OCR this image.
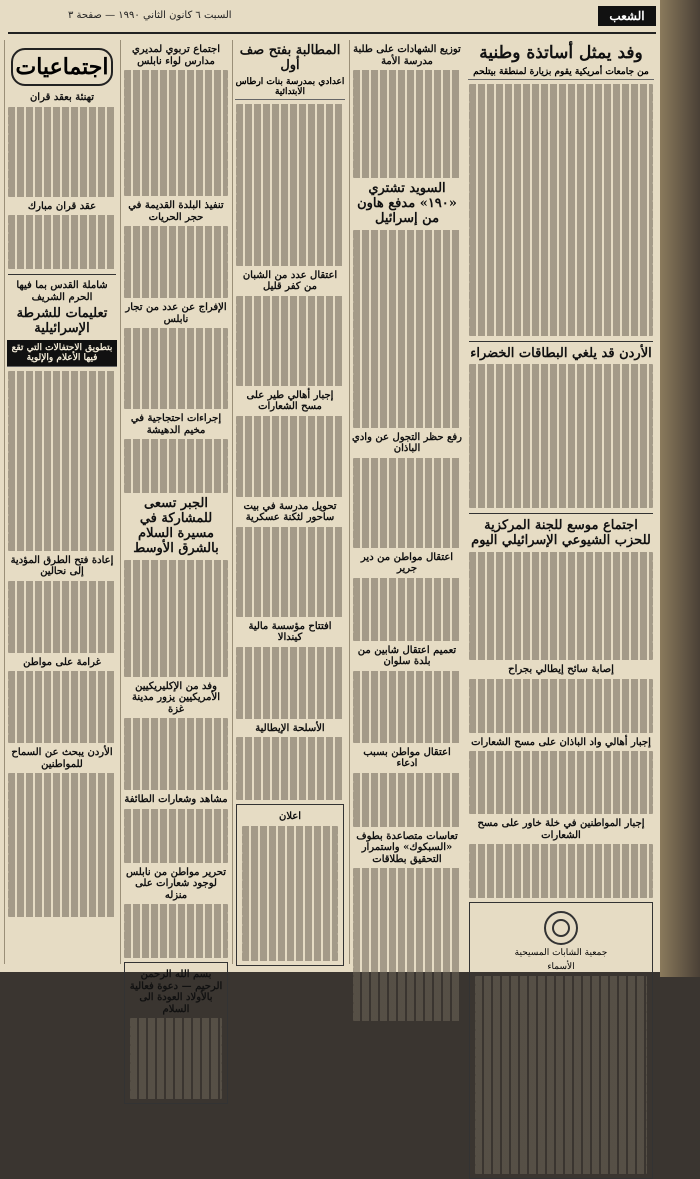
الشعب
السبت ٦ كانون الثاني ١٩٩٠ — صفحة ٣
وفد يمثل أساتذة وطنية
من جامعات أمريكية يقوم بزيارة لمنطقة بيتلحم
الأردن قد يلغي البطاقات الخضراء
اجتماع موسع للجنة المركزية للحزب الشيوعي الإسرائيلي اليوم
إصابة سائح إيطالي بجراح
إجبار أهالي واد الباذان على مسح الشعارات
إجبار المواطنين في خلة خاور على مسح الشعارات
جمعية الشابات المسيحية
الأسماء
توزيع الشهادات على طلبة مدرسة الأمة
السويد تشتري «١٩٠» مدفع هاون من إسرائيل
رفع حظر التجول عن وادي الباذان
اعتقال مواطن من دير جرير
تعميم اعتقال شابين من بلدة سلوان
اعتقال مواطن بسبب ادعاء
تعاسات متصاعدة بطوف «السبكوك» واستمرار التحقيق بطلاقات
المطالبة بفتح صف أول
اعدادي بمدرسة بنات ارطاس الابتدائية
اعتقال عدد من الشبان من كفر قليل
إجبار أهالي طير على مسح الشعارات
تحويل مدرسة في بيت ساحور لثكنة عسكرية
افتتاح مؤسسة مالية كيندالا
الأسلحة الإيطالية
اعلان
اجتماع تربوي لمديري مدارس لواء نابلس
تنفيذ البلدة القديمة في حجر الحريات
الإفراج عن عدد من تجار نابلس
إجراءات احتجاجية في مخيم الدهيشة
الجبر تسعى للمشاركة في مسيرة السلام بالشرق الأوسط
وفد من الإكليريكيين الأمريكيين يزور مدينة غزة
مشاهد وشعارات الطائفة
تحرير مواطن من نابلس لوجود شعارات على منزله
بسم الله الرحمن الرحيم — دعوة فعالية بالأولاد العودة الى السلام
اجتماعيات
تهنئة بعقد قران
عقد قران مبارك
شاملة القدس بما فيها الحرم الشريف
تعليمات للشرطة الإسرائيلية
بتطويق الاحتفالات التي تقع فيها الأعلام والإلوية
إعادة فتح الطرق المؤدية إلى نحالين
غرامة على مواطن
الأردن يبحث عن السماح للمواطنين
